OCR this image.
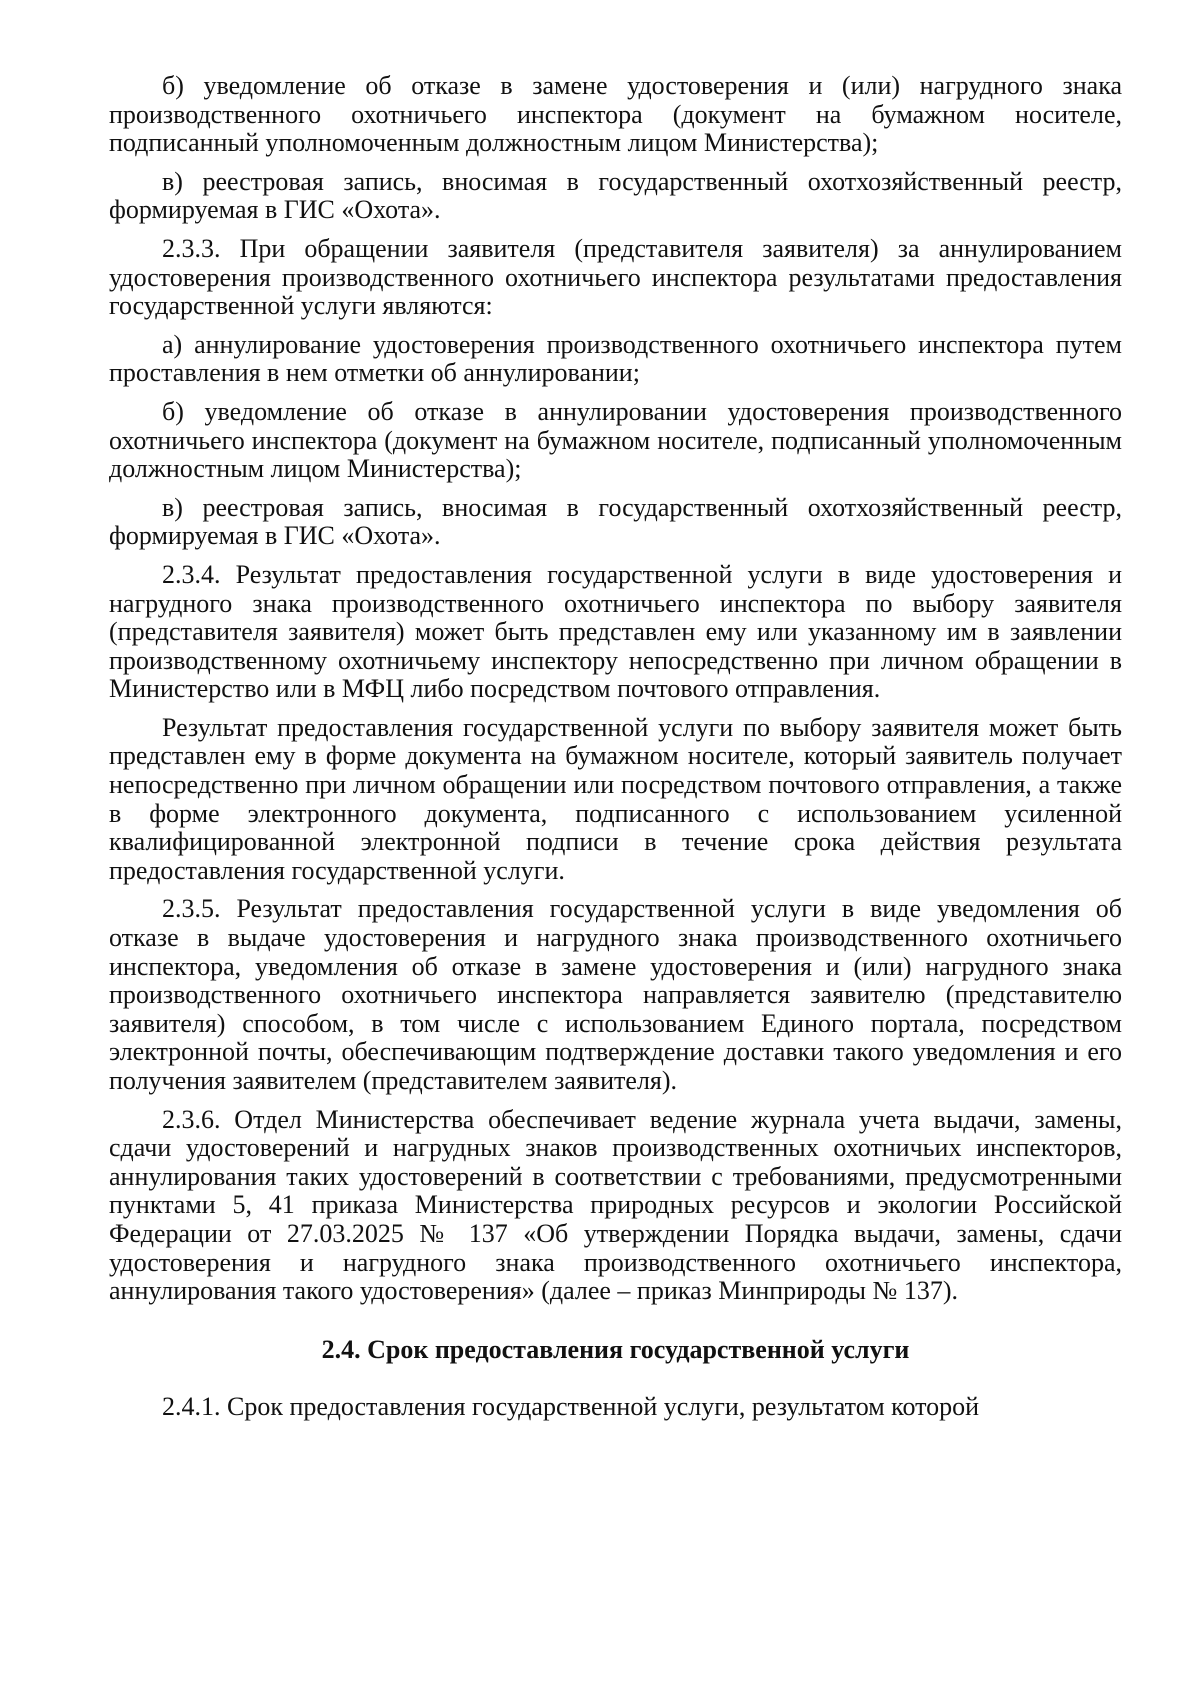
б) уведомление об отказе в замене удостоверения и (или) нагрудного знака производственного охотничьего инспектора (документ на бумажном носителе, подписанный уполномоченным должностным лицом Министерства);

в) реестровая запись, вносимая в государственный охотхозяйственный реестр, формируемая в ГИС «Охота».

2.3.3. При обращении заявителя (представителя заявителя) за аннулированием удостоверения производственного охотничьего инспектора результатами предоставления государственной услуги являются:

а) аннулирование удостоверения производственного охотничьего инспектора путем проставления в нем отметки об аннулировании;

б) уведомление об отказе в аннулировании удостоверения производственного охотничьего инспектора (документ на бумажном носителе, подписанный уполномоченным должностным лицом Министерства);

в) реестровая запись, вносимая в государственный охотхозяйственный реестр, формируемая в ГИС «Охота».

2.3.4. Результат предоставления государственной услуги в виде удостоверения и нагрудного знака производственного охотничьего инспектора по выбору заявителя (представителя заявителя) может быть представлен ему или указанному им в заявлении производственному охотничьему инспектору непосредственно при личном обращении в Министерство или в МФЦ либо посредством почтового отправления.

Результат предоставления государственной услуги по выбору заявителя может быть представлен ему в форме документа на бумажном носителе, который заявитель получает непосредственно при личном обращении или посредством почтового отправления, а также в форме электронного документа, подписанного с использованием усиленной квалифицированной электронной подписи в течение срока действия результата предоставления государственной услуги.

2.3.5. Результат предоставления государственной услуги в виде уведомления об отказе в выдаче удостоверения и нагрудного знака производственного охотничьего инспектора, уведомления об отказе в замене удостоверения и (или) нагрудного знака производственного охотничьего инспектора направляется заявителю (представителю заявителя) способом, в том числе с использованием Единого портала, посредством электронной почты, обеспечивающим подтверждение доставки такого уведомления и его получения заявителем (представителем заявителя).

2.3.6. Отдел Министерства обеспечивает ведение журнала учета выдачи, замены, сдачи удостоверений и нагрудных знаков производственных охотничьих инспекторов, аннулирования таких удостоверений в соответствии с требованиями, предусмотренными пунктами 5, 41 приказа Министерства природных ресурсов и экологии Российской Федерации от 27.03.2025 № 137 «Об утверждении Порядка выдачи, замены, сдачи удостоверения и нагрудного знака производственного охотничьего инспектора, аннулирования такого удостоверения» (далее – приказ Минприроды № 137).

2.4. Срок предоставления государственной услуги

2.4.1. Срок предоставления государственной услуги, результатом которой
